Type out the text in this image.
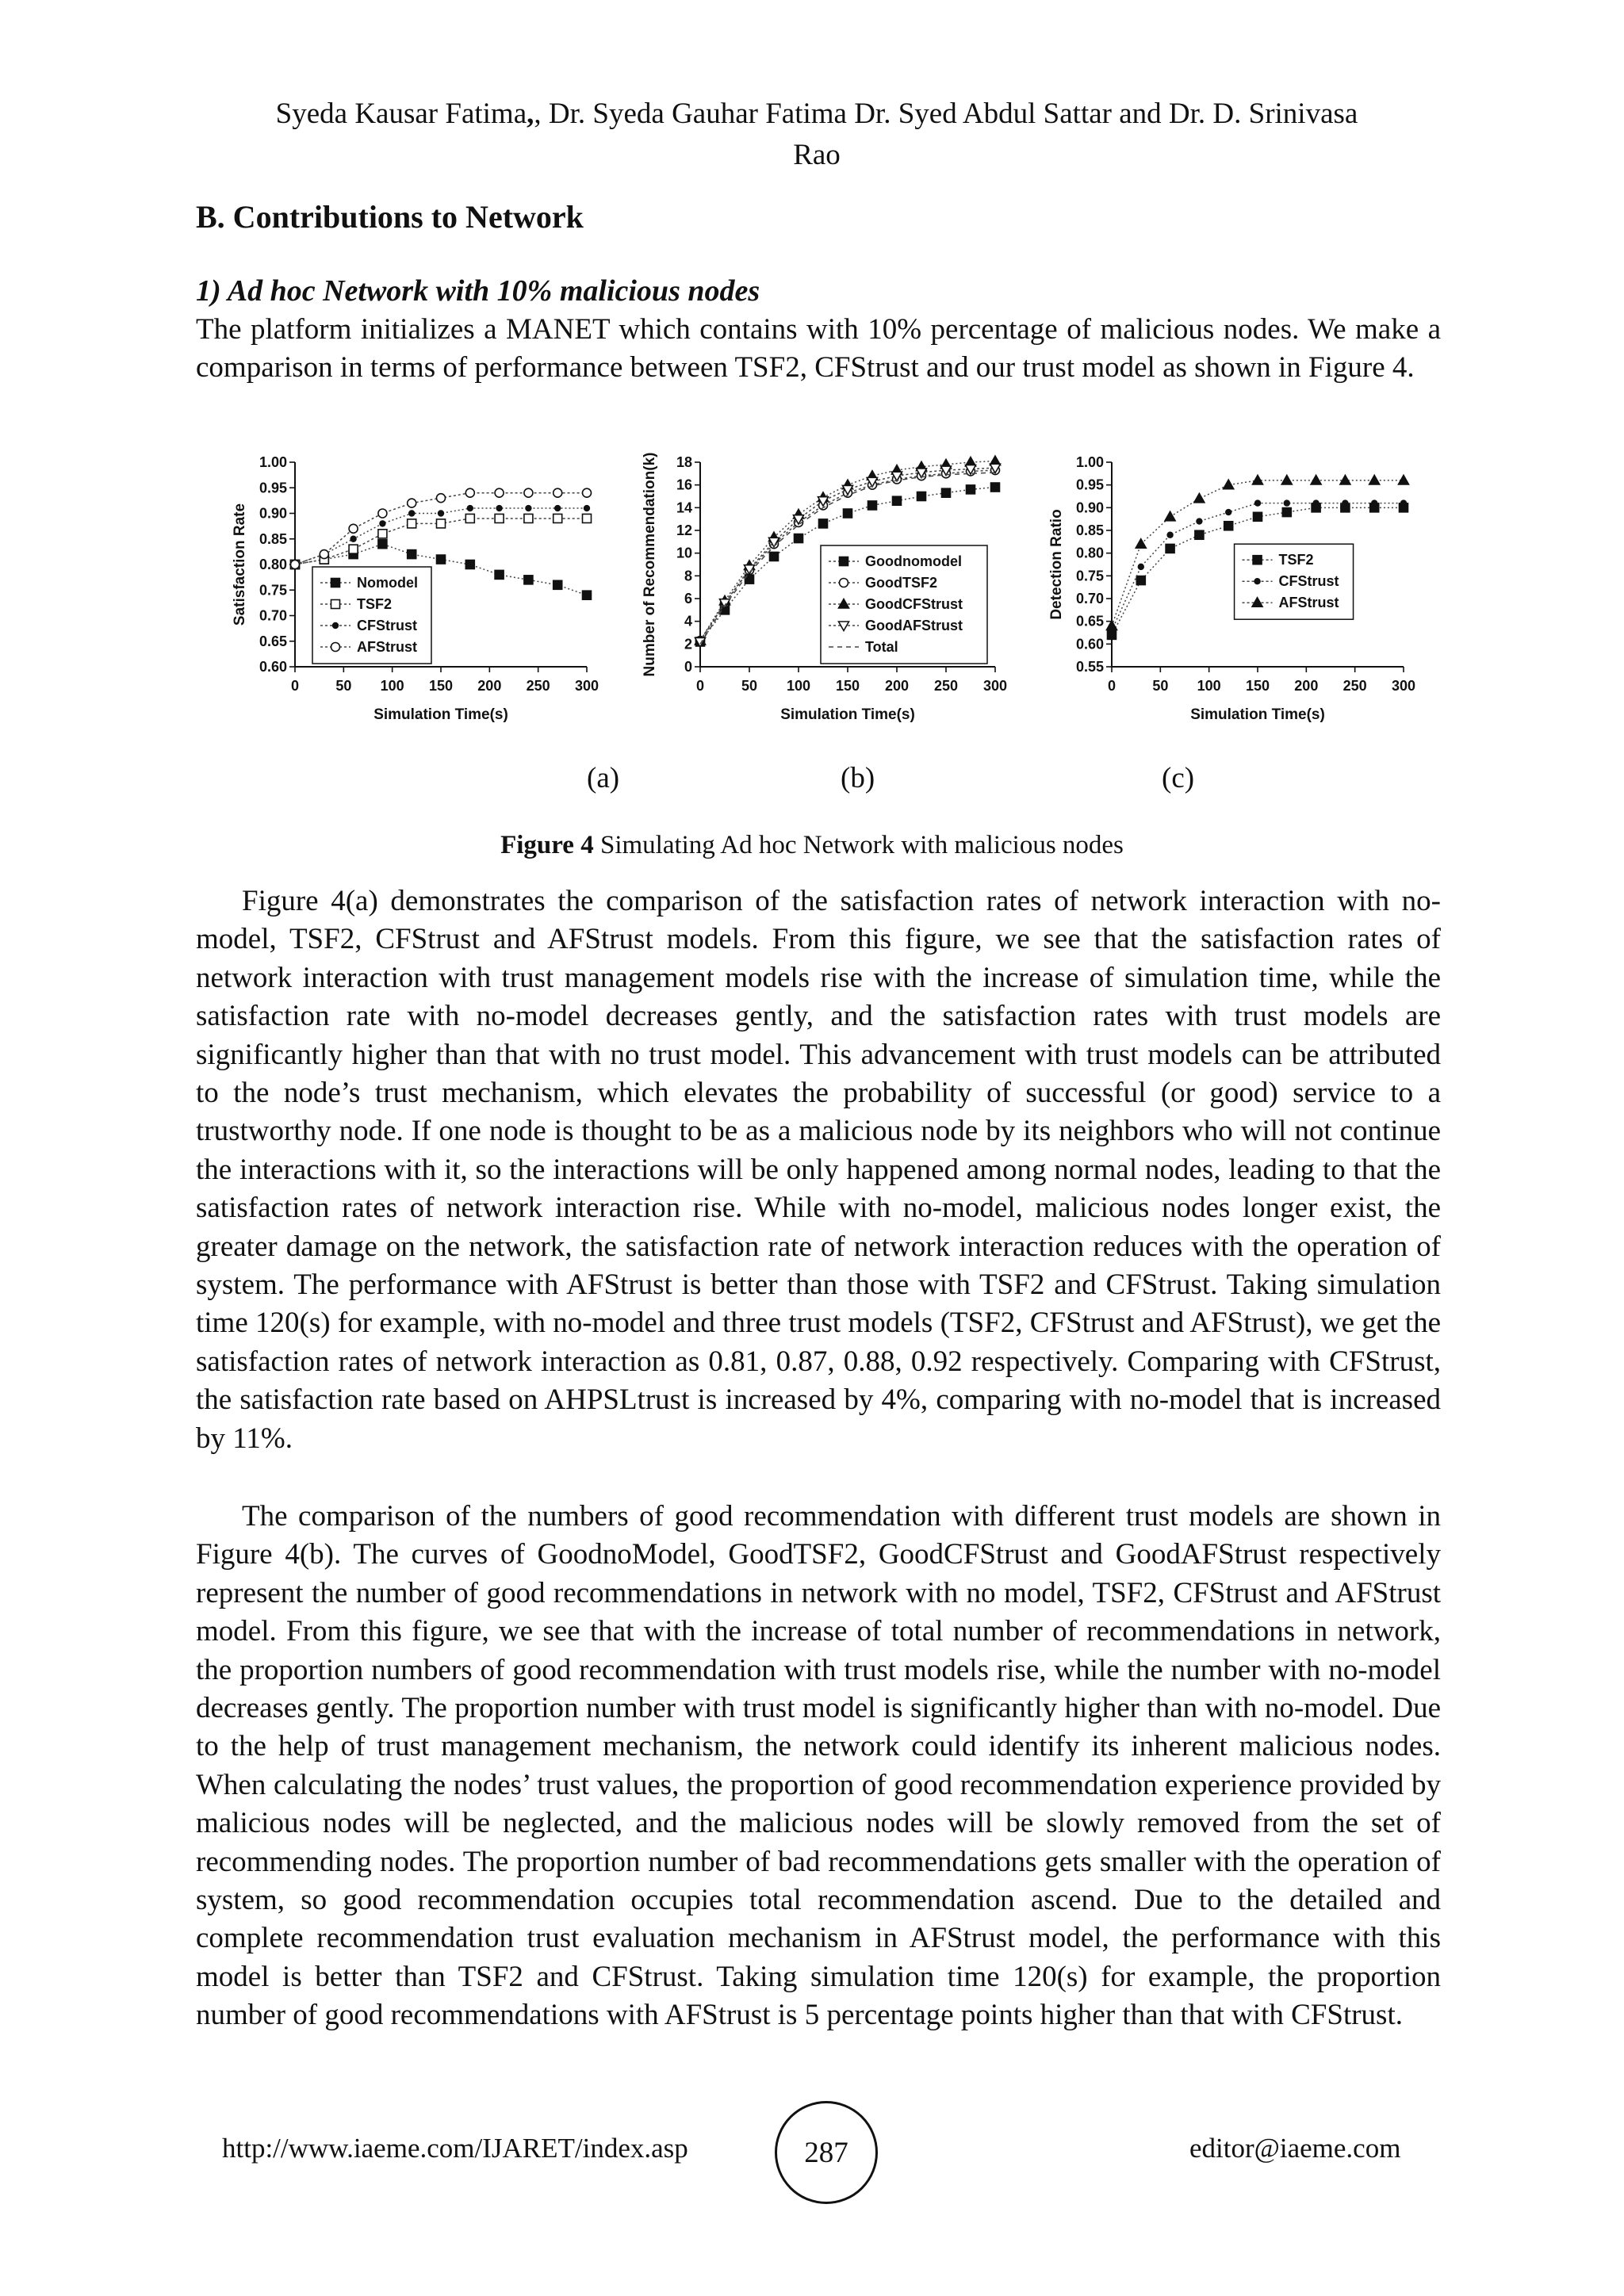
Syeda Kausar Fatima,, Dr. Syeda Gauhar Fatima Dr. Syed Abdul Sattar and Dr. D. Srinivasa
Rao
B. Contributions to Network
1) Ad hoc Network with 10% malicious nodes

The platform initializes a MANET which contains with 10% percentage of malicious nodes. We make a comparison in terms of performance between TSF2, CFStrust and our trust model as shown in Figure 4.

0	50 100 150 200 250 300
0.60
0.65
0.70
0.75
0.80
0.85
0.90
0.95
1.00
Simulation Time(s)
Satisfaction Rate	Nomodel
TSF2
CFStrust
AFStrust
0	50 100 150 200 250 300
0
2
4
6
8
10
12
14
16
18
Simulation Time(s)
Number of Recommendation(k)	Goodnomodel
GoodTSF2
GoodCFStrust
GoodAFStrust
Total
0	50 100 150 200 250 300
0.55
0.60
0.65
0.70
0.75
0.80
0.85
0.90
0.95
1.00
Simulation Time(s)
Detection Ratio	TSF2
CFStrust
AFStrust
(a)	(b)	(c)
Figure 4 Simulating Ad hoc Network with malicious nodes

Figure 4(a) demonstrates the comparison of the satisfaction rates of network interaction with no-model, TSF2, CFStrust and AFStrust models. From this figure, we see that the satisfaction rates of network interaction with trust management models rise with the increase of simulation time, while the satisfaction rate with no-model decreases gently, and the satisfaction rates with trust models are significantly higher than that with no trust model. This advancement with trust models can be attributed to the node’s trust mechanism, which elevates the probability of successful (or good) service to a trustworthy node. If one node is thought to be as a malicious node by its neighbors who will not continue the interactions with it, so the interactions will be only happened among normal nodes, leading to that the satisfaction rates of network interaction rise. While with no-model, malicious nodes longer exist, the greater damage on the network, the satisfaction rate of network interaction reduces with the operation of system. The performance with AFStrust is better than those with TSF2 and CFStrust. Taking simulation time 120(s) for example, with no-model and three trust models (TSF2, CFStrust and AFStrust), we get the satisfaction rates of network interaction as 0.81, 0.87, 0.88, 0.92 respectively. Comparing with CFStrust, the satisfaction rate based on AHPSLtrust is increased by 4%, comparing with no-model that is increased by 11%.

The comparison of the numbers of good recommendation with different trust models are shown in Figure 4(b). The curves of GoodnoModel, GoodTSF2, GoodCFStrust and GoodAFStrust respectively represent the number of good recommendations in network with no model, TSF2, CFStrust and AFStrust model. From this figure, we see that with the increase of total number of recommendations in network, the proportion numbers of good recommendation with trust models rise, while the number with no-model decreases gently. The proportion number with trust model is significantly higher than with no-model. Due to the help of trust management mechanism, the network could identify its inherent malicious nodes. When calculating the nodes’ trust values, the proportion of good recommendation experience provided by malicious nodes will be neglected, and the malicious nodes will be slowly removed from the set of recommending nodes. The proportion number of bad recommendations gets smaller with the operation of system, so good recommendation occupies total recommendation ascend. Due to the detailed and complete recommendation trust evaluation mechanism in AFStrust model, the performance with this model is better than TSF2 and CFStrust. Taking simulation time 120(s) for example, the proportion number of good recommendations with AFStrust is 5 percentage points higher than that with CFStrust.

http://www.iaeme.com/IJARET/index.asp	287	editor@iaeme.com
